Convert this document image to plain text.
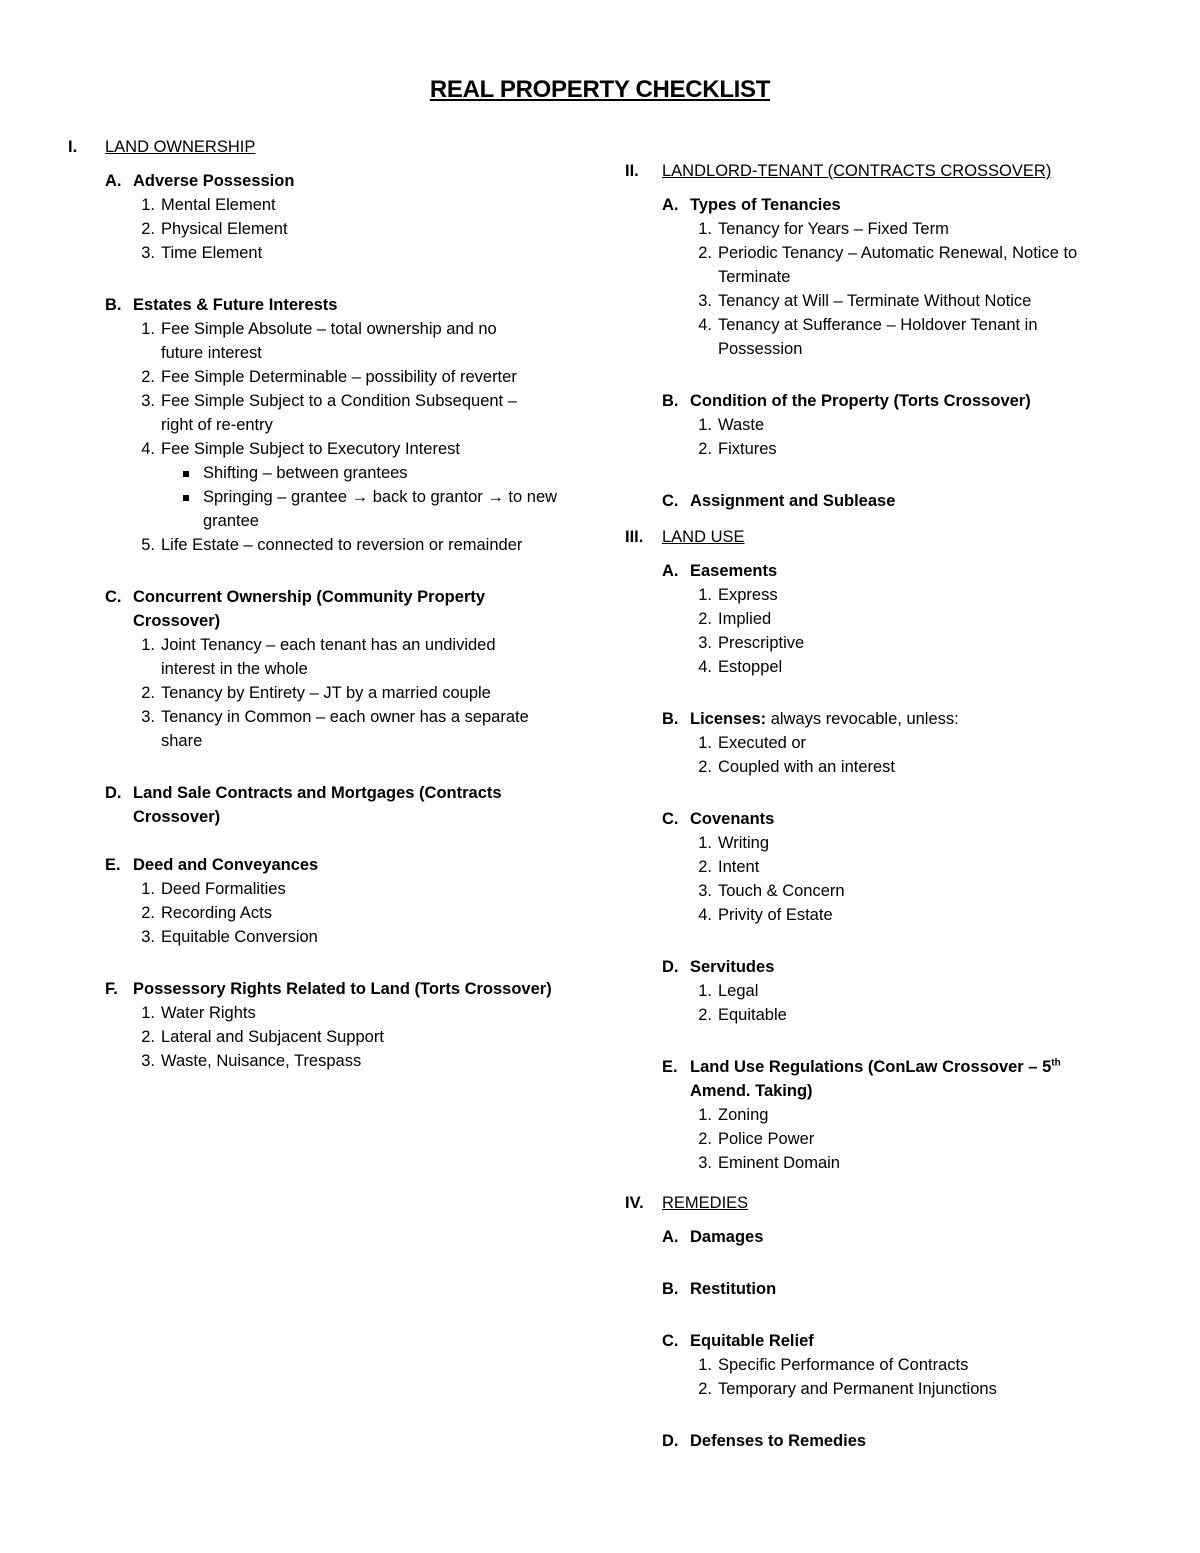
REAL PROPERTY CHECKLIST
I.	LAND OWNERSHIP
A. Adverse Possession
1. Mental Element
2. Physical Element
3. Time Element
B. Estates & Future Interests
1. Fee Simple Absolute – total ownership and no future interest
2. Fee Simple Determinable – possibility of reverter
3. Fee Simple Subject to a Condition Subsequent – right of re-entry
4. Fee Simple Subject to Executory Interest
Shifting – between grantees
Springing – grantee → back to grantor → to new grantee
5. Life Estate – connected to reversion or remainder
C. Concurrent Ownership (Community Property Crossover)
1. Joint Tenancy – each tenant has an undivided interest in the whole
2. Tenancy by Entirety – JT by a married couple
3. Tenancy in Common – each owner has a separate share
D. Land Sale Contracts and Mortgages (Contracts Crossover)
E. Deed and Conveyances
1. Deed Formalities
2. Recording Acts
3. Equitable Conversion
F. Possessory Rights Related to Land (Torts Crossover)
1. Water Rights
2. Lateral and Subjacent Support
3. Waste, Nuisance, Trespass
II.	LANDLORD-TENANT (CONTRACTS CROSSOVER)
A. Types of Tenancies
1. Tenancy for Years – Fixed Term
2. Periodic Tenancy – Automatic Renewal, Notice to Terminate
3. Tenancy at Will – Terminate Without Notice
4. Tenancy at Sufferance – Holdover Tenant in Possession
B. Condition of the Property (Torts Crossover)
1. Waste
2. Fixtures
C. Assignment and Sublease
III.	LAND USE
A. Easements
1. Express
2. Implied
3. Prescriptive
4. Estoppel
B. Licenses: always revocable, unless:
1. Executed or
2. Coupled with an interest
C. Covenants
1. Writing
2. Intent
3. Touch & Concern
4. Privity of Estate
D. Servitudes
1. Legal
2. Equitable
E. Land Use Regulations (ConLaw Crossover – 5th Amend. Taking)
1. Zoning
2. Police Power
3. Eminent Domain
IV.	REMEDIES
A. Damages
B. Restitution
C. Equitable Relief
1. Specific Performance of Contracts
2. Temporary and Permanent Injunctions
D. Defenses to Remedies
